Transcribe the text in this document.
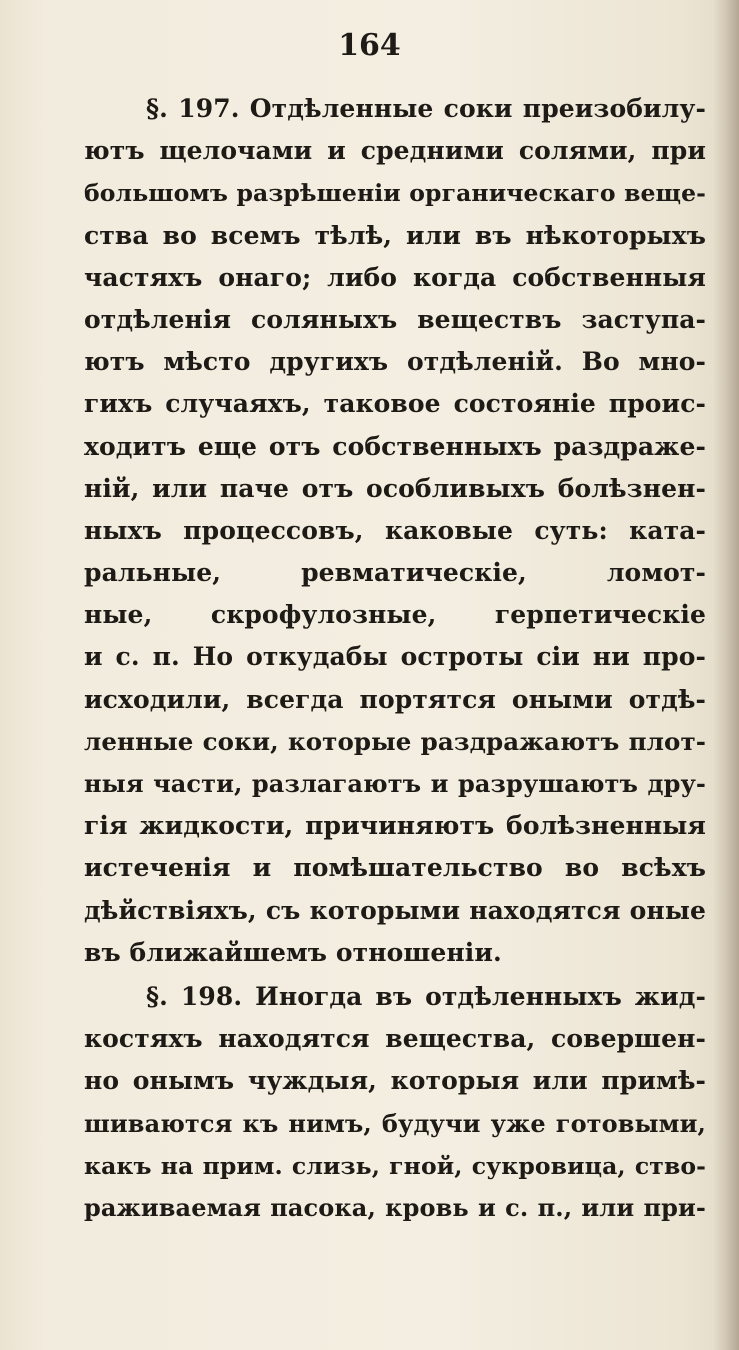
164
§. 197. Отдѣленные соки преизобилу-
ютъ щелочами и средними солями, при
большомъ разрѣшеніи органическаго веще-
ства во всемъ тѣлѣ, или въ нѣкоторыхъ
частяхъ онаго; либо когда собственныя
отдѣленія соляныхъ веществъ заступа-
ютъ мѣсто другихъ отдѣленій. Во мно-
гихъ случаяхъ, таковое состояніе проис-
ходитъ еще отъ собственныхъ раздраже-
ній, или паче отъ особливыхъ болѣзнен-
ныхъ процессовъ, каковые суть: ката-
ральные, ревматическіе, ломот-
ные, скрофулозные, герпетическіе
и с. п. Но откудабы остроты сіи ни про-
исходили, всегда портятся оными отдѣ-
ленные соки, которые раздражаютъ плот-
ныя части, разлагаютъ и разрушаютъ дру-
гія жидкости, причиняютъ болѣзненныя
истеченія и помѣшательство во всѣхъ
дѣйствіяхъ, съ которыми находятся оные
въ ближайшемъ отношеніи.
§. 198. Иногда въ отдѣленныхъ жид-
костяхъ находятся вещества, совершен-
но онымъ чуждыя, которыя или примѣ-
шиваются къ нимъ, будучи уже готовыми,
какъ на прим. слизь, гной, сукровица, ство-
раживаемая пасока, кровь и с. п., или при-
